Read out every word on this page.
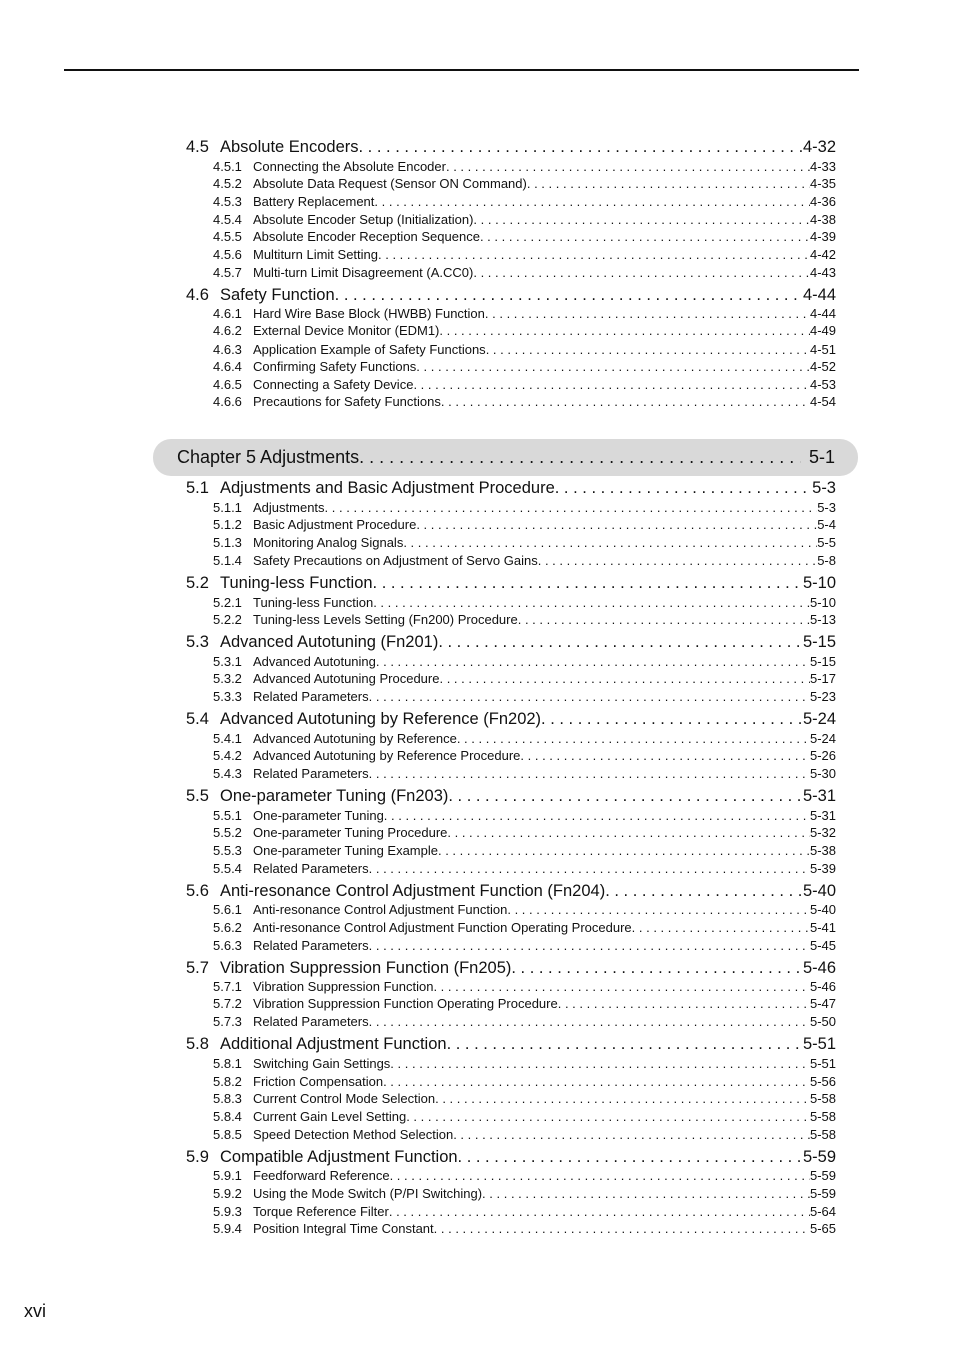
Chapter 5 Adjustments . . .	5-1
4.5 Absolute Encoders . . .	4-32
4.5.1 Connecting the Absolute Encoder . . .	4-33
4.5.2 Absolute Data Request (Sensor ON Command) . . .	4-35
4.5.3 Battery Replacement . . .	4-36
4.5.4 Absolute Encoder Setup (Initialization) . . .	4-38
4.5.5 Absolute Encoder Reception Sequence . . .	4-39
4.5.6 Multiturn Limit Setting . . .	4-42
4.5.7 Multi-turn Limit Disagreement (A.CC0) . . .	4-43
4.6 Safety Function . . .	4-44
4.6.1 Hard Wire Base Block (HWBB) Function . . .	4-44
4.6.2 External Device Monitor (EDM1) . . .	4-49
4.6.3 Application Example of Safety Functions . . .	4-51
4.6.4 Confirming Safety Functions . . .	4-52
4.6.5 Connecting a Safety Device . . .	4-53
4.6.6 Precautions for Safety Functions . . .	4-54
5.1 Adjustments and Basic Adjustment Procedure . . .	5-3
5.1.1 Adjustments . . .	5-3
5.1.2 Basic Adjustment Procedure . . .	5-4
5.1.3 Monitoring Analog Signals . . .	5-5
5.1.4 Safety Precautions on Adjustment of Servo Gains . . .	5-8
5.2 Tuning-less Function . . .	5-10
5.2.1 Tuning-less Function . . .	5-10
5.2.2 Tuning-less Levels Setting (Fn200) Procedure . . .	5-13
5.3 Advanced Autotuning (Fn201) . . .	5-15
5.3.1 Advanced Autotuning . . .	5-15
5.3.2 Advanced Autotuning Procedure . . .	5-17
5.3.3 Related Parameters . . .	5-23
5.4 Advanced Autotuning by Reference (Fn202) . . .	5-24
5.4.1 Advanced Autotuning by Reference . . .	5-24
5.4.2 Advanced Autotuning by Reference Procedure . . .	5-26
5.4.3 Related Parameters . . .	5-30
5.5 One-parameter Tuning (Fn203) . . .	5-31
5.5.1 One-parameter Tuning . . .	5-31
5.5.2 One-parameter Tuning Procedure . . .	5-32
5.5.3 One-parameter Tuning Example . . .	5-38
5.5.4 Related Parameters . . .	5-39
5.6 Anti-resonance Control Adjustment Function (Fn204) . . .	5-40
5.6.1 Anti-resonance Control Adjustment Function . . .	5-40
5.6.2 Anti-resonance Control Adjustment Function Operating Procedure . . .	5-41
5.6.3 Related Parameters . . .	5-45
5.7 Vibration Suppression Function (Fn205) . . .	5-46
5.7.1 Vibration Suppression Function . . .	5-46
5.7.2 Vibration Suppression Function Operating Procedure . . .	5-47
5.7.3 Related Parameters . . .	5-50
5.8 Additional Adjustment Function . . .	5-51
5.8.1 Switching Gain Settings . . .	5-51
5.8.2 Friction Compensation . . .	5-56
5.8.3 Current Control Mode Selection . . .	5-58
5.8.4 Current Gain Level Setting . . .	5-58
5.8.5 Speed Detection Method Selection . . .	5-58
5.9 Compatible Adjustment Function . . .	5-59
5.9.1 Feedforward Reference . . .	5-59
5.9.2 Using the Mode Switch (P/PI Switching) . . .	5-59
5.9.3 Torque Reference Filter . . .	5-64
5.9.4 Position Integral Time Constant . . .	5-65
xvi
